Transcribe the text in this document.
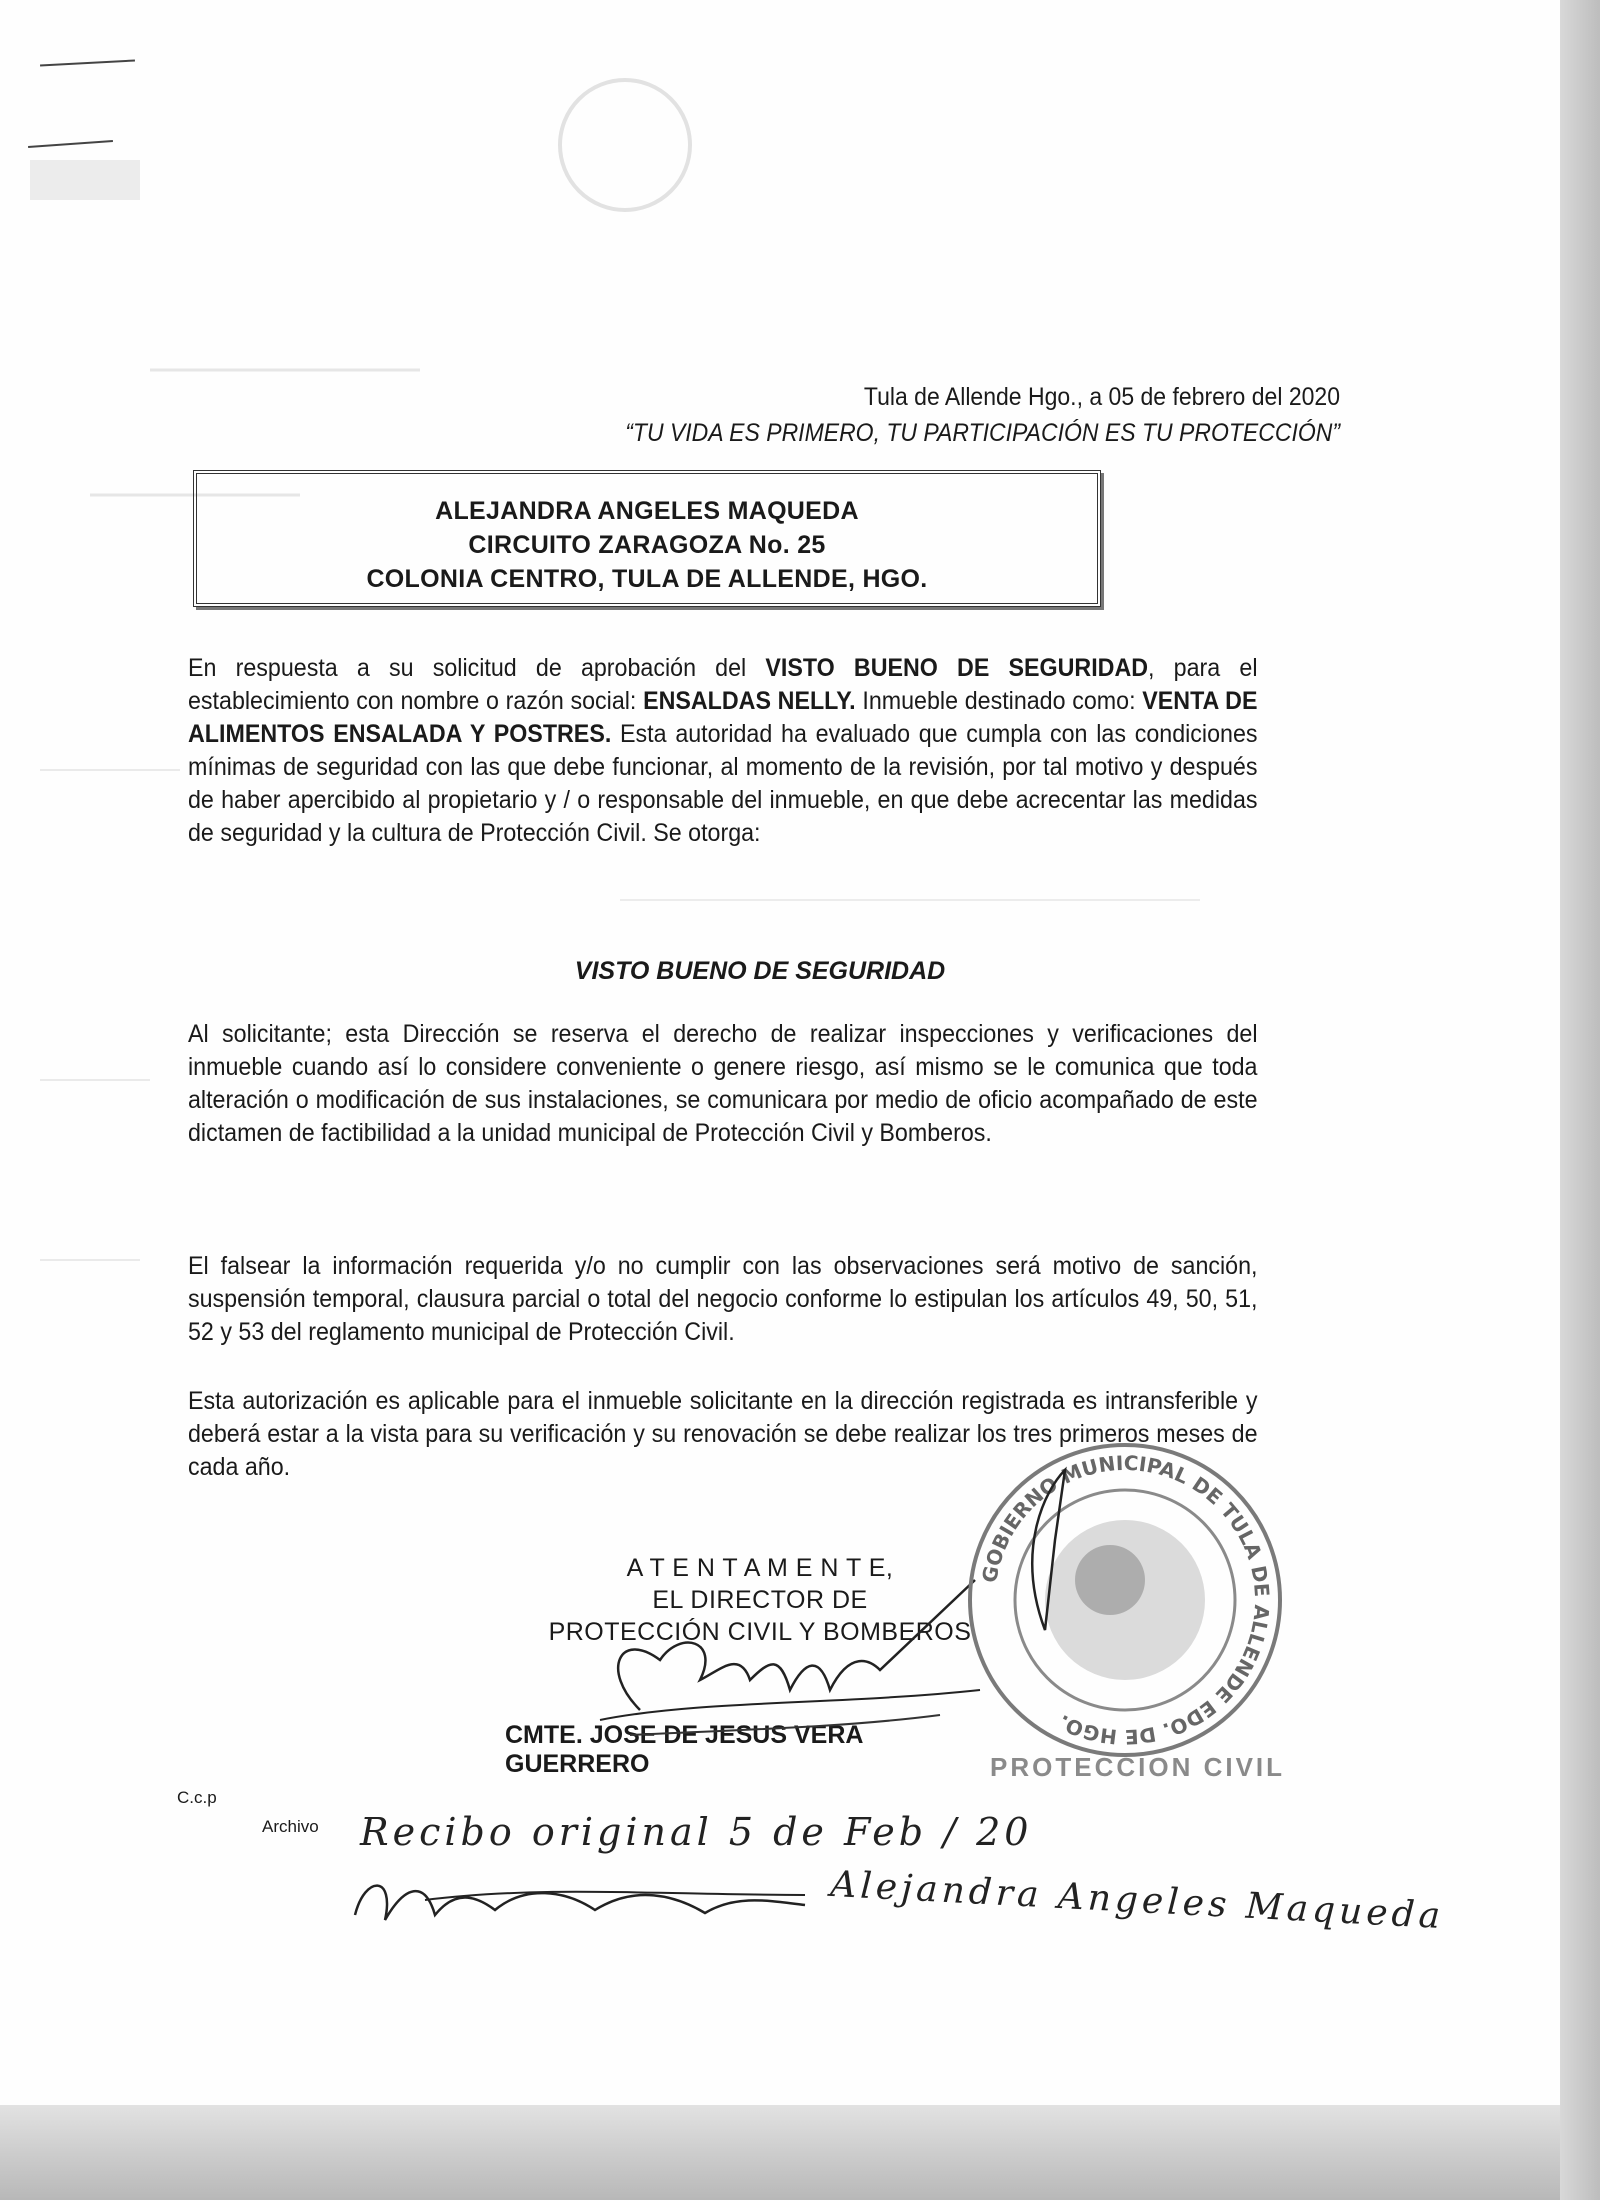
Tula de Allende Hgo., a 05 de febrero del 2020
“TU VIDA ES PRIMERO, TU PARTICIPACIÓN ES TU PROTECCIÓN”
ALEJANDRA ANGELES MAQUEDA
CIRCUITO ZARAGOZA No. 25
COLONIA CENTRO, TULA DE ALLENDE, HGO.
En respuesta a su solicitud de aprobación del VISTO BUENO DE SEGURIDAD, para el establecimiento con nombre o razón social: ENSALDAS NELLY. Inmueble destinado como: VENTA DE ALIMENTOS ENSALADA Y POSTRES. Esta autoridad ha evaluado que cumpla con las condiciones mínimas de seguridad con las que debe funcionar, al momento de la revisión, por tal motivo y después de haber apercibido al propietario y / o responsable del inmueble, en que debe acrecentar las medidas de seguridad y la cultura de Protección Civil. Se otorga:
VISTO BUENO DE SEGURIDAD
Al solicitante; esta Dirección se reserva el derecho de realizar inspecciones y verificaciones del inmueble cuando así lo considere conveniente o genere riesgo, así mismo se le comunica que toda alteración o modificación de sus instalaciones, se comunicara por medio de oficio acompañado de este dictamen de factibilidad a la unidad municipal de Protección Civil y Bomberos.
El falsear la información requerida y/o no cumplir con las observaciones será motivo de sanción, suspensión temporal, clausura parcial o total del negocio conforme lo estipulan los artículos 49, 50, 51, 52 y 53 del reglamento municipal de Protección Civil.
Esta autorización es aplicable para el inmueble solicitante en la dirección registrada es intransferible y deberá estar a la vista para su verificación y su renovación se debe realizar los tres primeros meses de cada año.
A T E N T A M E N T E,
EL DIRECTOR DE
PROTECCIÓN CIVIL Y BOMBEROS
CMTE. JOSE DE JESUS VERA GUERRERO
GOBIERNO MUNICIPAL DE TULA DE ALLENDE EDO. DE HGO.
PROTECCION CIVIL
C.c.p
Archivo Recibo original 5 de Feb / 20
Alejandra Angeles Maqueda
